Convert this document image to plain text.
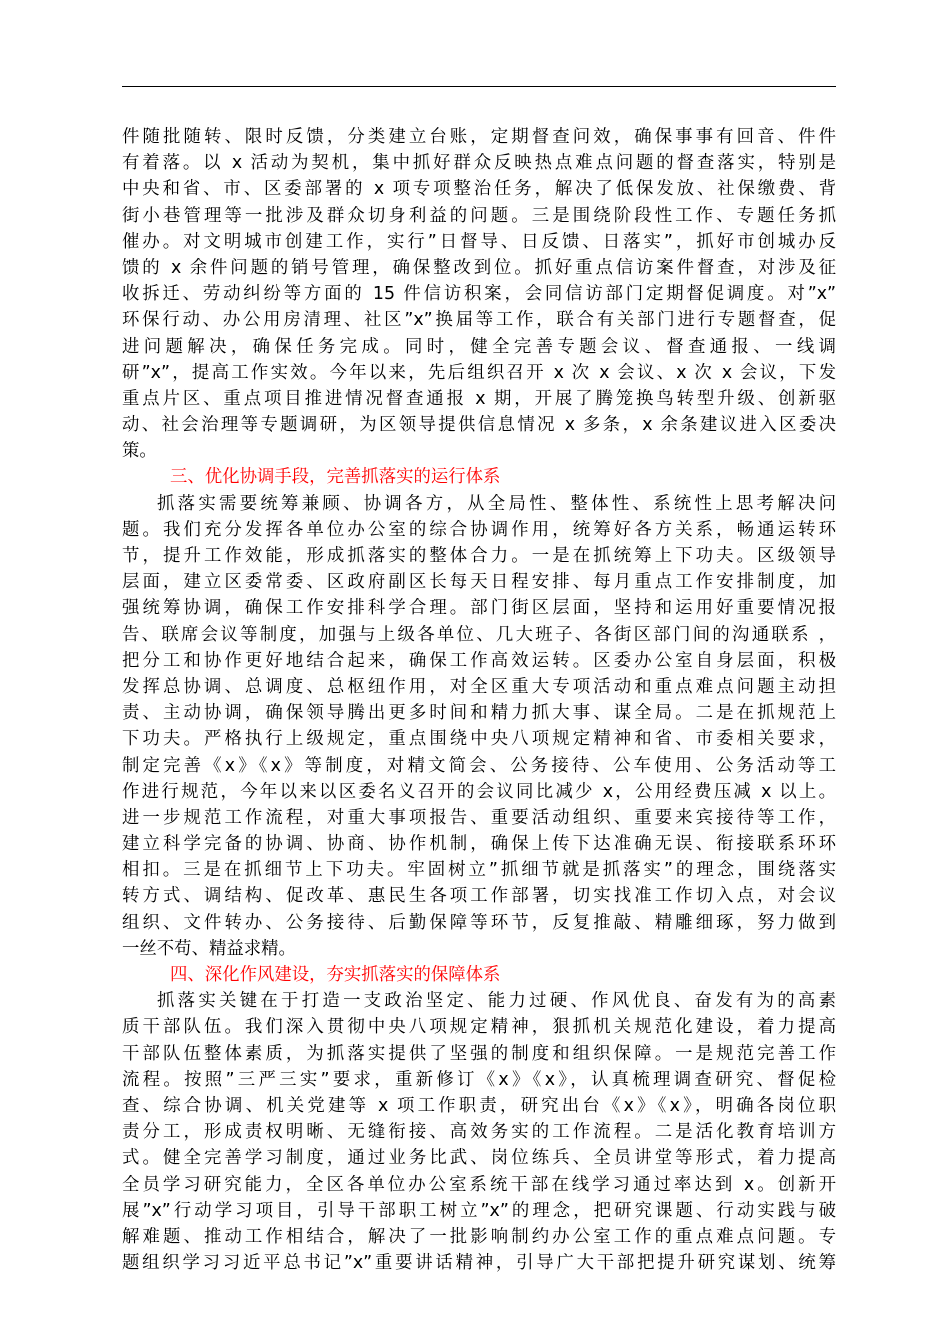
件随批随转、限时反馈，分类建立台账，定期督查问效，确保事事有回音、件件
有着落。以 x 活动为契机，集中抓好群众反映热点难点问题的督查落实，特别是
中央和省、市、区委部署的 x 项专项整治任务，解决了低保发放、社保缴费、背
街小巷管理等一批涉及群众切身利益的问题。三是围绕阶段性工作、专题任务抓
催办。对文明城市创建工作，实行”日督导、日反馈、日落实”，抓好市创城办反
馈的 x 余件问题的销号管理，确保整改到位。抓好重点信访案件督查，对涉及征
收拆迁、劳动纠纷等方面的 15 件信访积案，会同信访部门定期督促调度。对”x”
环保行动、办公用房清理、社区”x”换届等工作，联合有关部门进行专题督查，促
进问题解决，确保任务完成。同时，健全完善专题会议、督查通报、一线调
研”x”，提高工作实效。今年以来，先后组织召开 x 次 x 会议、x 次 x 会议，下发
重点片区、重点项目推进情况督查通报 x 期，开展了腾笼换鸟转型升级、创新驱
动、社会治理等专题调研，为区领导提供信息情况 x 多条，x 余条建议进入区委决
策。
三、优化协调手段，完善抓落实的运行体系
抓落实需要统筹兼顾、协调各方，从全局性、整体性、系统性上思考解决问
题。我们充分发挥各单位办公室的综合协调作用，统筹好各方关系，畅通运转环
节，提升工作效能，形成抓落实的整体合力。一是在抓统筹上下功夫。区级领导
层面，建立区委常委、区政府副区长每天日程安排、每月重点工作安排制度，加
强统筹协调，确保工作安排科学合理。部门街区层面，坚持和运用好重要情况报
告、联席会议等制度，加强与上级各单位、几大班子、各街区部门间的沟通联系 ，
把分工和协作更好地结合起来，确保工作高效运转。区委办公室自身层面，积极
发挥总协调、总调度、总枢纽作用，对全区重大专项活动和重点难点问题主动担
责、主动协调，确保领导腾出更多时间和精力抓大事、谋全局。二是在抓规范上
下功夫。严格执行上级规定，重点围绕中央八项规定精神和省、市委相关要求，
制定完善《x》《x》等制度，对精文简会、公务接待、公车使用、公务活动等工
作进行规范，今年以来以区委名义召开的会议同比减少 x，公用经费压减 x 以上。
进一步规范工作流程，对重大事项报告、重要活动组织、重要来宾接待等工作，
建立科学完备的协调、协商、协作机制，确保上传下达准确无误、衔接联系环环
相扣。三是在抓细节上下功夫。牢固树立”抓细节就是抓落实”的理念，围绕落实
转方式、调结构、促改革、惠民生各项工作部署，切实找准工作切入点，对会议
组织、文件转办、公务接待、后勤保障等环节，反复推敲、精雕细琢，努力做到
一丝不苟、精益求精。
四、深化作风建设，夯实抓落实的保障体系
抓落实关键在于打造一支政治坚定、能力过硬、作风优良、奋发有为的高素
质干部队伍。我们深入贯彻中央八项规定精神，狠抓机关规范化建设，着力提高
干部队伍整体素质，为抓落实提供了坚强的制度和组织保障。一是规范完善工作
流程。按照”三严三实”要求，重新修订《x》《x》，认真梳理调查研究、督促检
查、综合协调、机关党建等 x 项工作职责，研究出台《x》《x》，明确各岗位职
责分工，形成责权明晰、无缝衔接、高效务实的工作流程。二是活化教育培训方
式。健全完善学习制度，通过业务比武、岗位练兵、全员讲堂等形式，着力提高
全员学习研究能力，全区各单位办公室系统干部在线学习通过率达到 x。创新开
展”x”行动学习项目，引导干部职工树立”x”的理念，把研究课题、行动实践与破
解难题、推动工作相结合，解决了一批影响制约办公室工作的重点难点问题。专
题组织学习习近平总书记”x”重要讲话精神，引导广大干部把提升研究谋划、统筹
